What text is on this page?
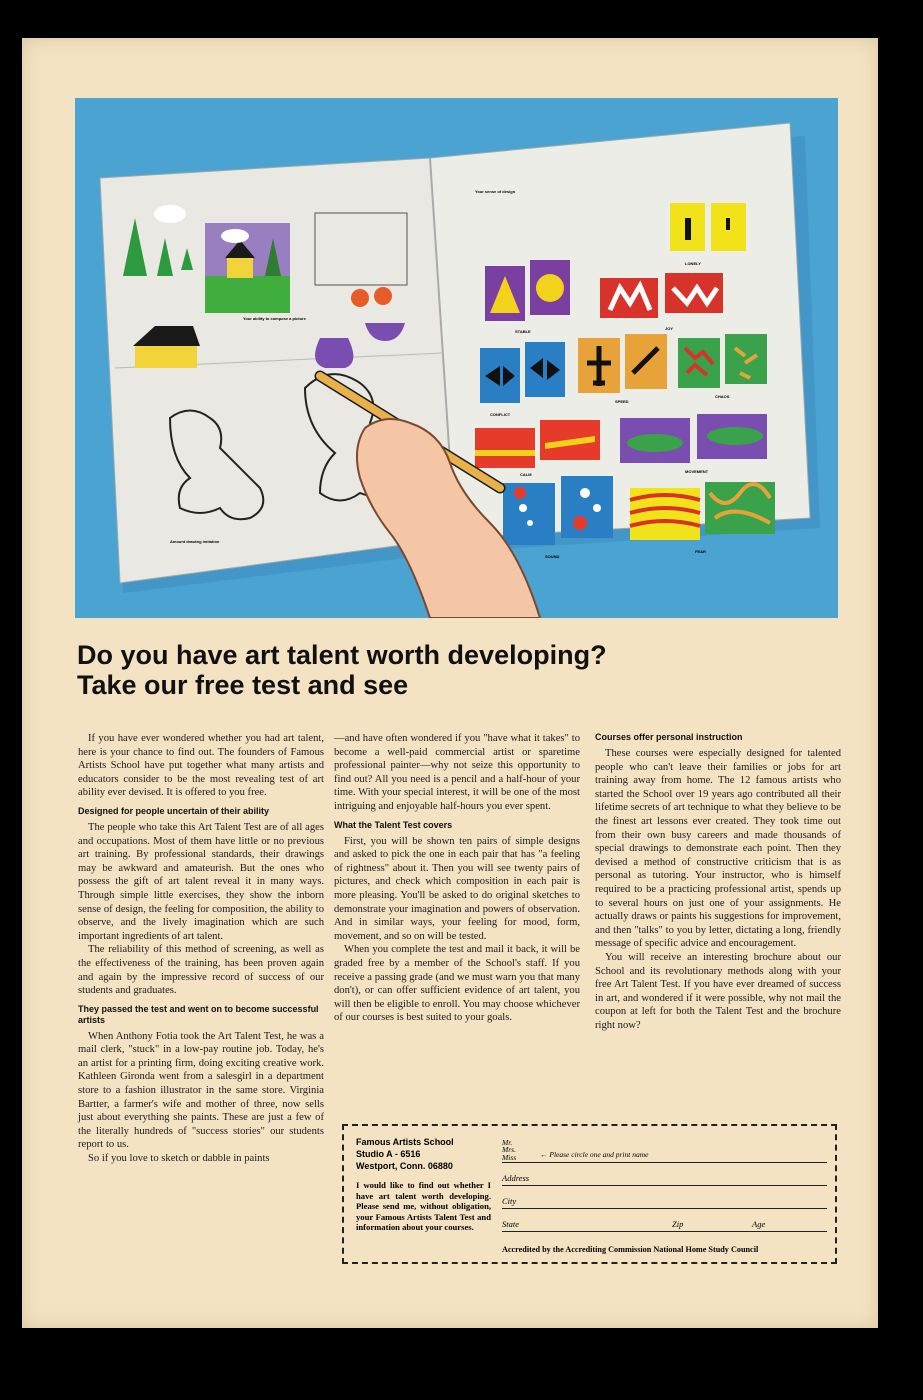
Your ability to compose a picture
Amount drawing imitation
Your sense of design
LONELY
STABLE
JOY
CONFLICT
SPEED
CHAOS
CALM
MOVEMENT
SOUND
FEAR
Do you have art talent worth developing?
Take our free test and see

If you have ever wondered whether you had art talent, here is your chance to find out. The founders of Famous Artists School have put together what many artists and educators consider to be the most revealing test of art ability ever devised. It is offered to you free.

Designed for people uncertain of their ability

The people who take this Art Talent Test are of all ages and occupations. Most of them have little or no previous art training. By professional standards, their drawings may be awkward and amateurish. But the ones who possess the gift of art talent reveal it in many ways. Through simple little exercises, they show the inborn sense of design, the feeling for composition, the ability to observe, and the lively imagination which are such important ingredients of art talent.

The reliability of this method of screening, as well as the effectiveness of the training, has been proven again and again by the impressive record of success of our students and graduates.

They passed the test and went on to become successful artists

When Anthony Fotia took the Art Talent Test, he was a mail clerk, "stuck" in a low-pay routine job. Today, he's an artist for a printing firm, doing exciting creative work. Kathleen Gironda went from a salesgirl in a department store to a fashion illustrator in the same store. Virginia Bartter, a farmer's wife and mother of three, now sells just about everything she paints. These are just a few of the literally hundreds of "success stories" our students report to us.

So if you love to sketch or dabble in paints

—and have often wondered if you "have what it takes" to become a well-paid commercial artist or sparetime professional painter—why not seize this opportunity to find out? All you need is a pencil and a half-hour of your time. With your special interest, it will be one of the most intriguing and enjoyable half-hours you ever spent.

What the Talent Test covers

First, you will be shown ten pairs of simple designs and asked to pick the one in each pair that has "a feeling of rightness" about it. Then you will see twenty pairs of pictures, and check which composition in each pair is more pleasing. You'll be asked to do original sketches to demonstrate your imagination and powers of observation. And in similar ways, your feeling for mood, form, movement, and so on will be tested.

When you complete the test and mail it back, it will be graded free by a member of the School's staff. If you receive a passing grade (and we must warn you that many don't), or can offer sufficient evidence of art talent, you will then be eligible to enroll. You may choose whichever of our courses is best suited to your goals.

Courses offer personal instruction

These courses were especially designed for talented people who can't leave their families or jobs for art training away from home. The 12 famous artists who started the School over 19 years ago contributed all their lifetime secrets of art technique to what they believe to be the finest art lessons ever created. They took time out from their own busy careers and made thousands of special drawings to demonstrate each point. Then they devised a method of constructive criticism that is as personal as tutoring. Your instructor, who is himself required to be a practicing professional artist, spends up to several hours on just one of your assignments. He actually draws or paints his suggestions for improvement, and then "talks" to you by letter, dictating a long, friendly message of specific advice and encouragement.

You will receive an interesting brochure about our School and its revolutionary methods along with your free Art Talent Test. If you have ever dreamed of success in art, and wondered if it were possible, why not mail the coupon at left for both the Talent Test and the brochure right now?

Famous Artists School
Studio A - 6516
Westport, Conn. 06880
I would like to find out whether I have art talent worth developing. Please send me, without obligation, your Famous Artists Talent Test and information about your courses.
Mr.
Mrs.
Miss	← Please circle one and print name
Address
City
State	Zip	Age
Accredited by the Accrediting Commission National Home Study Council
